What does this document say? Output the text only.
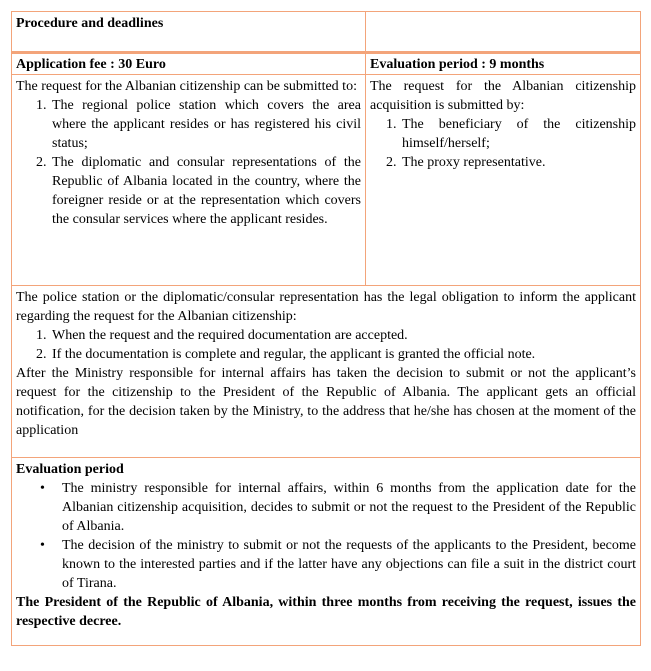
Procedure and deadlines
Application fee : 30 Euro	Evaluation period : 9 months

The request for the Albanian citizenship can be submitted to:

1. The regional police station which covers the area where the applicant resides or has registered his civil status;
2. The diplomatic and consular representations of the Republic of Albania located in the country, where the foreigner reside or at the representation which covers the consular services where the applicant resides.

The request for the Albanian citizenship acquisition is submitted by:

1. The beneficiary of the citizenship himself/herself;
2. The proxy representative.

The police station or the diplomatic/consular representation has the legal obligation to inform the applicant regarding the request for the Albanian citizenship:

1. When the request and the required documentation are accepted.
2. If the documentation is complete and regular, the applicant is granted the official note.

After the Ministry responsible for internal affairs has taken the decision to submit or not the applicant’s request for the citizenship to the President of the Republic of Albania. The applicant gets an official notification, for the decision taken by the Ministry, to the address that he/she has chosen at the moment of the application

Evaluation period

• The ministry responsible for internal affairs, within 6 months from the application date for the Albanian citizenship acquisition, decides to submit or not the request to the President of the Republic of Albania.
• The decision of the ministry to submit or not the requests of the applicants to the President, become known to the interested parties and if the latter have any objections can file a suit in the district court of Tirana.

The President of the Republic of Albania, within three months from receiving the request, issues the respective decree.
